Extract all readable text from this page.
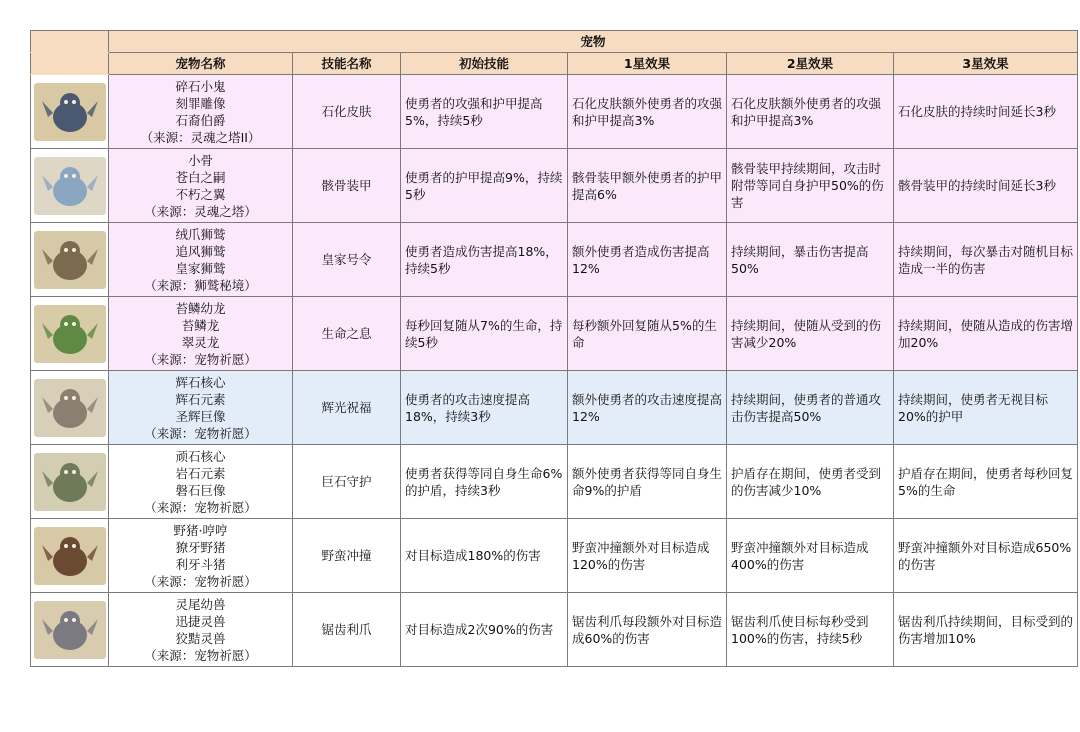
	宠物					
	宠物名称	技能名称	初始技能	1星效果	2星效果	3星效果

碎石小鬼
刻罪雕像
石裔伯爵
（来源：灵魂之塔II）	石化皮肤	使勇者的攻强和护甲提高5%，持续5秒	石化皮肤额外使勇者的攻强和护甲提高3%	石化皮肤额外使勇者的攻强和护甲提高3%	石化皮肤的持续时间延长3秒

小骨
苍白之嗣
不朽之翼
（来源：灵魂之塔）	骸骨装甲	使勇者的护甲提高9%，持续5秒	骸骨装甲额外使勇者的护甲提高6%	骸骨装甲持续期间，攻击时附带等同自身护甲50%的伤害	骸骨装甲的持续时间延长3秒

绒爪狮鹫
追风狮鹫
皇家狮鹫
（来源：狮鹫秘境）	皇家号令	使勇者造成伤害提高18%，持续5秒	额外使勇者造成伤害提高12%	持续期间，暴击伤害提高50%	持续期间，每次暴击对随机目标造成一半的伤害

苔鳞幼龙
苔鳞龙
翠灵龙
（来源：宠物祈愿）	生命之息	每秒回复随从7%的生命，持续5秒	每秒额外回复随从5%的生命	持续期间，使随从受到的伤害减少20%	持续期间，使随从造成的伤害增加20%

辉石核心
辉石元素
圣辉巨像
（来源：宠物祈愿）	辉光祝福	使勇者的攻击速度提高18%，持续3秒	额外使勇者的攻击速度提高12%	持续期间，使勇者的普通攻击伤害提高50%	持续期间，使勇者无视目标20%的护甲

顽石核心
岩石元素
磐石巨像
（来源：宠物祈愿）	巨石守护	使勇者获得等同自身生命6%的护盾，持续3秒	额外使勇者获得等同自身生命9%的护盾	护盾存在期间，使勇者受到的伤害减少10%	护盾存在期间，使勇者每秒回复5%的生命

野猪·哼哼
獠牙野猪
利牙斗猪
（来源：宠物祈愿）	野蛮冲撞	对目标造成180%的伤害	野蛮冲撞额外对目标造成120%的伤害	野蛮冲撞额外对目标造成400%的伤害	野蛮冲撞额外对目标造成650%的伤害

灵尾幼兽
迅捷灵兽
狡黠灵兽
（来源：宠物祈愿）	锯齿利爪	对目标造成2次90%的伤害	锯齿利爪每段额外对目标造成60%的伤害	锯齿利爪使目标每秒受到100%的伤害，持续5秒	锯齿利爪持续期间，目标受到的伤害增加10%
